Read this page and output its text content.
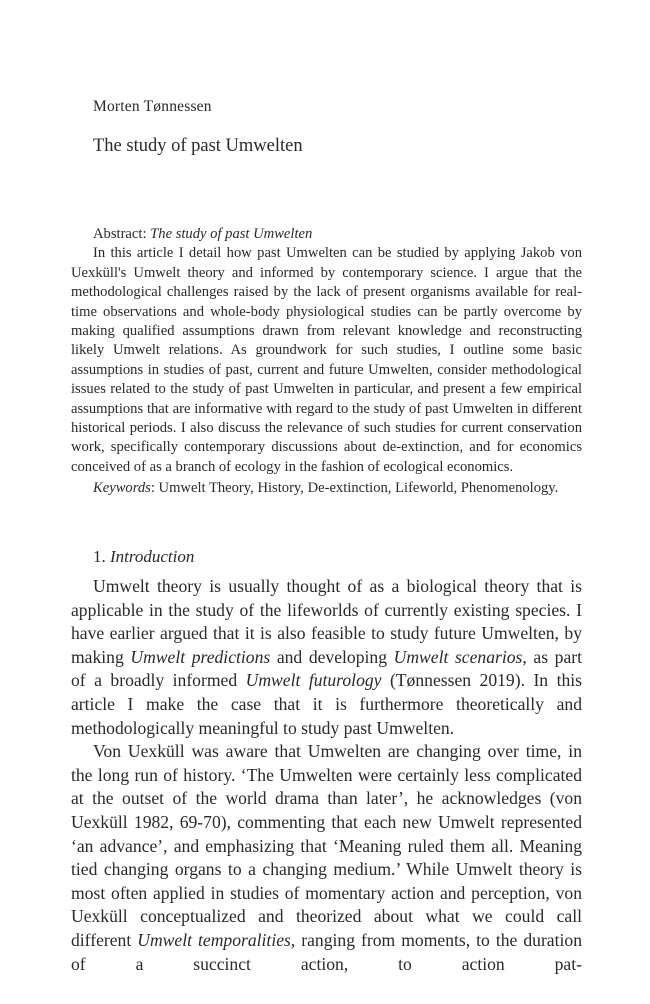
Morten Tønnessen
The study of past Umwelten
Abstract: The study of past Umwelten
In this article I detail how past Umwelten can be studied by applying Jakob von Uexküll's Umwelt theory and informed by contemporary science. I argue that the methodological challenges raised by the lack of present organisms available for real-time observations and whole-body physiological studies can be partly overcome by making qualified assumptions drawn from relevant knowledge and reconstructing likely Umwelt relations. As groundwork for such studies, I outline some basic assumptions in studies of past, current and future Umwelten, consider methodological issues related to the study of past Umwelten in particular, and present a few empirical assumptions that are informative with regard to the study of past Umwelten in different historical periods. I also discuss the relevance of such studies for current conservation work, specifically contemporary discussions about de-extinction, and for economics conceived of as a branch of ecology in the fashion of ecological economics.
Keywords: Umwelt Theory, History, De-extinction, Lifeworld, Phenomenology.
1. Introduction

Umwelt theory is usually thought of as a biological theory that is applicable in the study of the lifeworlds of currently existing species. I have earlier argued that it is also feasible to study future Umwelten, by making Umwelt predictions and developing Umwelt scenarios, as part of a broadly informed Umwelt futurology (Tønnessen 2019). In this article I make the case that it is furthermore theoretically and methodologically meaningful to study past Umwelten.

Von Uexküll was aware that Umwelten are changing over time, in the long run of history. ‘The Umwelten were certainly less complicated at the outset of the world drama than later’, he acknowledges (von Uexküll 1982, 69-70), commenting that each new Umwelt represented ‘an advance’, and emphasizing that ‘Meaning ruled them all. Meaning tied changing organs to a changing medium.’ While Umwelt theory is most often applied in studies of momentary action and perception, von Uexküll conceptualized and theorized about what we could call different Umwelt temporalities, ranging from moments, to the duration of a succinct action, to action pat-
